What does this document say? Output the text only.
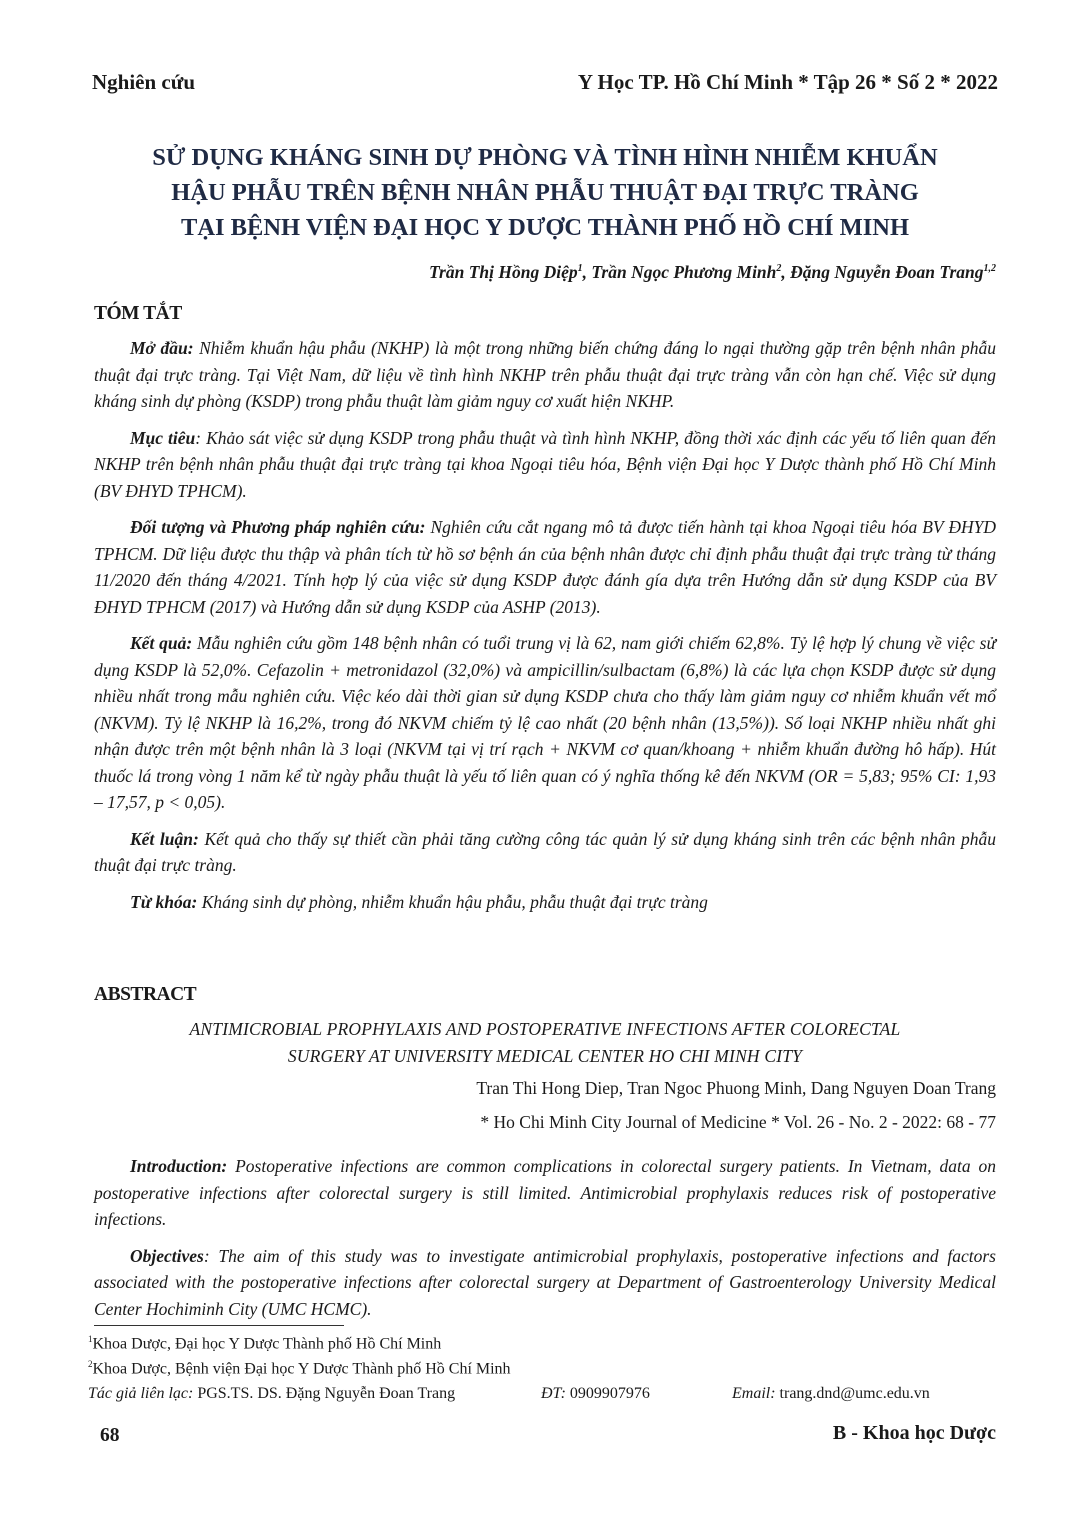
Nghiên cứu	Y Học TP. Hồ Chí Minh * Tập 26 * Số 2 * 2022
SỬ DỤNG KHÁNG SINH DỰ PHÒNG VÀ TÌNH HÌNH NHIỄM KHUẨN
HẬU PHẪU TRÊN BỆNH NHÂN PHẪU THUẬT ĐẠI TRỰC TRÀNG
TẠI BỆNH VIỆN ĐẠI HỌC Y DƯỢC THÀNH PHỐ HỒ CHÍ MINH
Trần Thị Hồng Diệp$^1$, Trần Ngọc Phương Minh$^2$, Đặng Nguyễn Đoan Trang$^{1,2}$
TÓM TẮT

Mở đầu: Nhiễm khuẩn hậu phẫu (NKHP) là một trong những biến chứng đáng lo ngại thường gặp trên bệnh nhân phẫu thuật đại trực tràng. Tại Việt Nam, dữ liệu về tình hình NKHP trên phẫu thuật đại trực tràng vẫn còn hạn chế. Việc sử dụng kháng sinh dự phòng (KSDP) trong phẫu thuật làm giảm nguy cơ xuất hiện NKHP.

Mục tiêu: Khảo sát việc sử dụng KSDP trong phẫu thuật và tình hình NKHP, đồng thời xác định các yếu tố liên quan đến NKHP trên bệnh nhân phẫu thuật đại trực tràng tại khoa Ngoại tiêu hóa, Bệnh viện Đại học Y Dược thành phố Hồ Chí Minh (BV ĐHYD TPHCM).

Đối tượng và Phương pháp nghiên cứu: Nghiên cứu cắt ngang mô tả được tiến hành tại khoa Ngoại tiêu hóa BV ĐHYD TPHCM. Dữ liệu được thu thập và phân tích từ hồ sơ bệnh án của bệnh nhân được chỉ định phẫu thuật đại trực tràng từ tháng 11/2020 đến tháng 4/2021. Tính hợp lý của việc sử dụng KSDP được đánh gía dựa trên Hướng dẫn sử dụng KSDP của BV ĐHYD TPHCM (2017) và Hướng dẫn sử dụng KSDP của ASHP (2013).

Kết quả: Mẫu nghiên cứu gồm 148 bệnh nhân có tuổi trung vị là 62, nam giới chiếm 62,8%. Tỷ lệ hợp lý chung về việc sử dụng KSDP là 52,0%. Cefazolin + metronidazol (32,0%) và ampicillin/sulbactam (6,8%) là các lựa chọn KSDP được sử dụng nhiều nhất trong mẫu nghiên cứu. Việc kéo dài thời gian sử dụng KSDP chưa cho thấy làm giảm nguy cơ nhiễm khuẩn vết mổ (NKVM). Tỷ lệ NKHP là 16,2%, trong đó NKVM chiếm tỷ lệ cao nhất (20 bệnh nhân (13,5%)). Số loại NKHP nhiều nhất ghi nhận được trên một bệnh nhân là 3 loại (NKVM tại vị trí rạch + NKVM cơ quan/khoang + nhiễm khuẩn đường hô hấp). Hút thuốc lá trong vòng 1 năm kể từ ngày phẫu thuật là yếu tố liên quan có ý nghĩa thống kê đến NKVM (OR = 5,83; 95% CI: 1,93 – 17,57, p < 0,05).

Kết luận: Kết quả cho thấy sự thiết cần phải tăng cường công tác quản lý sử dụng kháng sinh trên các bệnh nhân phẫu thuật đại trực tràng.

Từ khóa: Kháng sinh dự phòng, nhiễm khuẩn hậu phẫu, phẫu thuật đại trực tràng

ABSTRACT
ANTIMICROBIAL PROPHYLAXIS AND POSTOPERATIVE INFECTIONS AFTER COLORECTAL
SURGERY AT UNIVERSITY MEDICAL CENTER HO CHI MINH CITY
Tran Thi Hong Diep, Tran Ngoc Phuong Minh, Dang Nguyen Doan Trang
* Ho Chi Minh City Journal of Medicine * Vol. 26 - No. 2 - 2022: 68 - 77

Introduction: Postoperative infections are common complications in colorectal surgery patients. In Vietnam, data on postoperative infections after colorectal surgery is still limited. Antimicrobial prophylaxis reduces risk of postoperative infections.

Objectives: The aim of this study was to investigate antimicrobial prophylaxis, postoperative infections and factors associated with the postoperative infections after colorectal surgery at Department of Gastroenterology University Medical Center Hochiminh City (UMC HCMC).

$^1$Khoa Dược, Đại học Y Dược Thành phố Hồ Chí Minh
$^2$Khoa Dược, Bệnh viện Đại học Y Dược Thành phố Hồ Chí Minh
Tác giả liên lạc: PGS.TS. DS. Đặng Nguyễn Đoan Trang	ĐT: 0909907976	Email: trang.dnd@umc.edu.vn
68	B - Khoa học Dược
